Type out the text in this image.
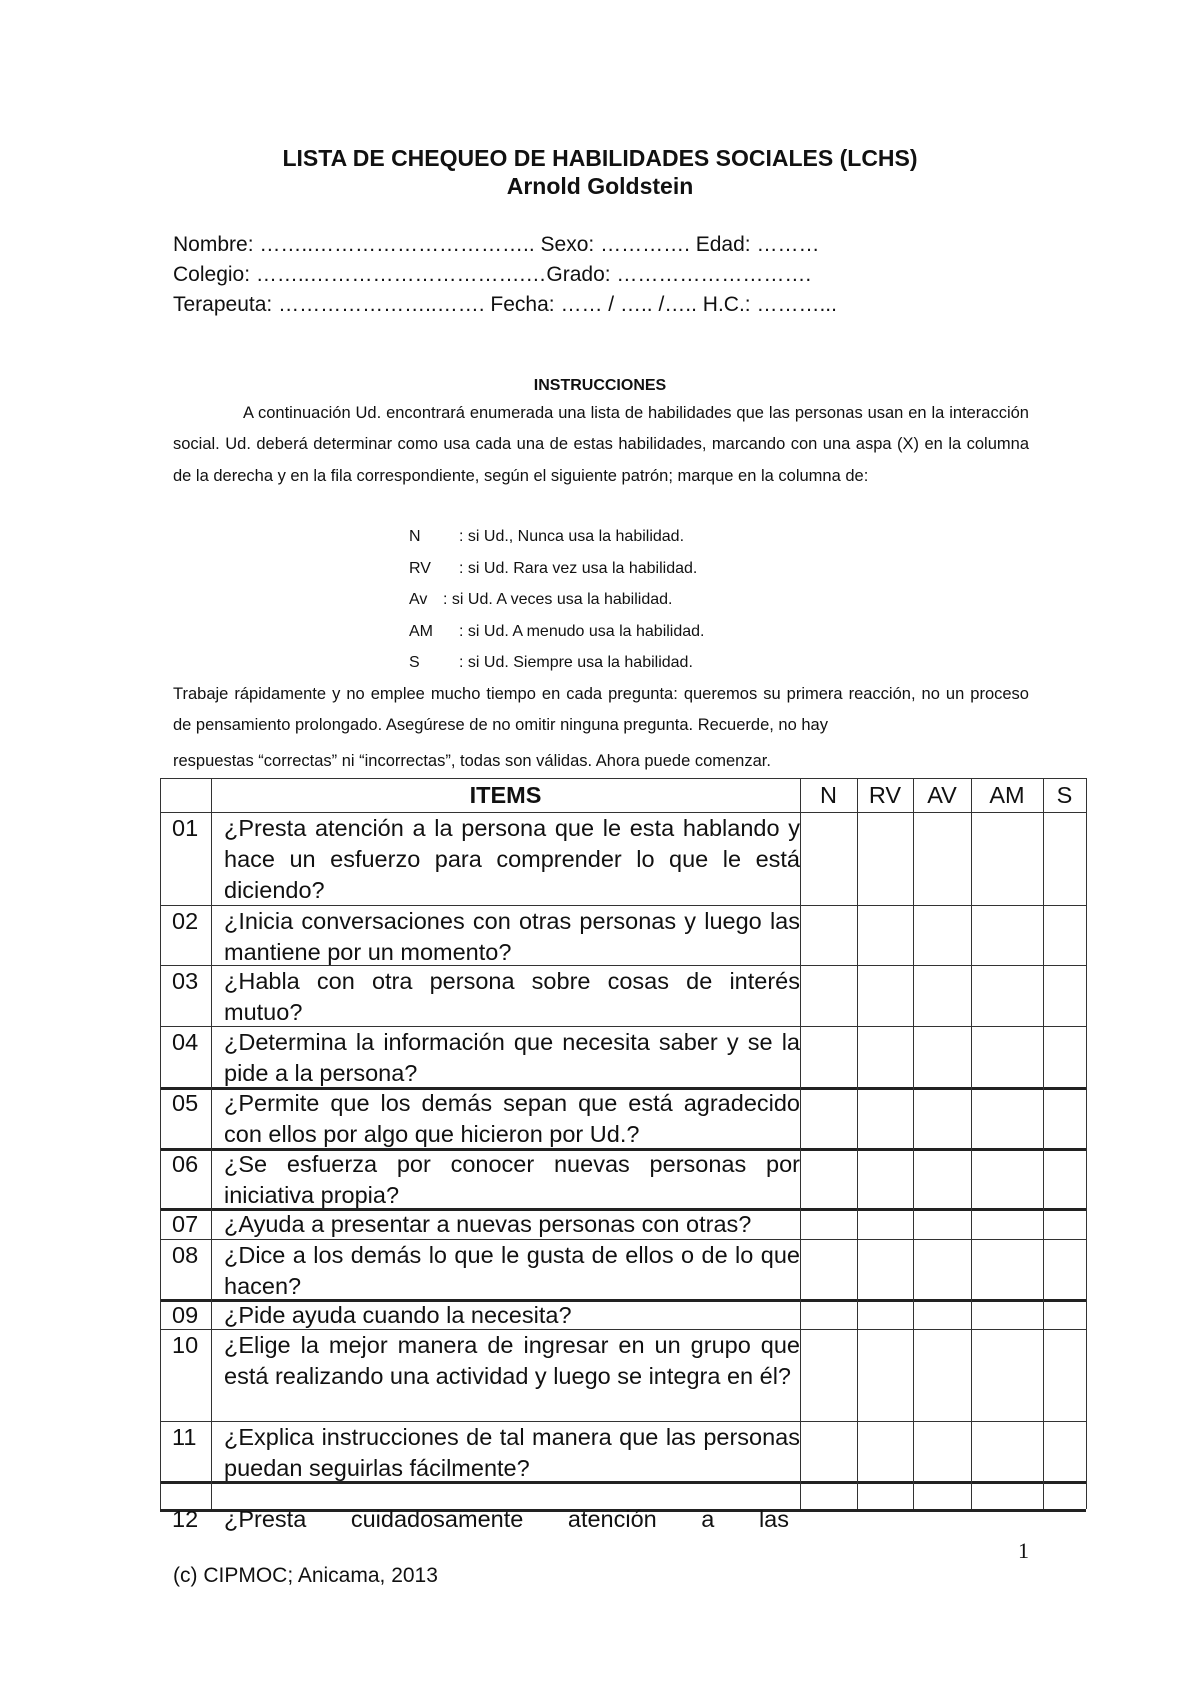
LISTA DE CHEQUEO DE HABILIDADES SOCIALES (LCHS)
Arnold Goldstein
Nombre: ……..………………………….. Sexo: …………. Edad: ………
Colegio: ……..………………………….…Grado: ……………………….
Terapeuta: …………………..……. Fecha: …… / ….. /….. H.C.: ………...
INSTRUCCIONES
A continuación Ud. encontrará enumerada una lista de habilidades que las personas usan en la interacción social. Ud. deberá determinar como usa cada una de estas habilidades, marcando con una aspa (X) en la columna de la derecha y en la fila correspondiente, según el siguiente patrón; marque en la columna de:
N : si Ud., Nunca usa la habilidad.
RV : si Ud. Rara vez usa la habilidad.
Av : si Ud. A veces usa la habilidad.
AM : si Ud. A menudo usa la habilidad.
S : si Ud. Siempre usa la habilidad.
Trabaje rápidamente y no emplee mucho tiempo en cada pregunta: queremos su primera reacción, no un proceso de pensamiento prolongado. Asegúrese de no omitir ninguna pregunta. Recuerde, no hay
respuestas “correctas” ni “incorrectas”, todas son válidas. Ahora puede comenzar.
ITEMS	N	RV	AV	AM	S
01	¿Presta atención a la persona que le esta hablando y hace un esfuerzo para comprender lo que le está diciendo?
02	¿Inicia conversaciones con otras personas y luego las mantiene por un momento?
03	¿Habla con otra persona sobre cosas de interés mutuo?
04	¿Determina la información que necesita saber y se la pide a la persona?
05	¿Permite que los demás sepan que está agradecido con ellos por algo que hicieron por Ud.?
06	¿Se esfuerza por conocer nuevas personas por iniciativa propia?
07	¿Ayuda a presentar a nuevas personas con otras?
08	¿Dice a los demás lo que le gusta de ellos o de lo que hacen?
09	¿Pide ayuda cuando la necesita?
10	¿Elige la mejor manera de ingresar en un grupo que está realizando una actividad y luego se integra en él?
11	¿Explica instrucciones de tal manera que las personas puedan seguirlas fácilmente?
12 ¿Presta cuidadosamente atención a las
1
(c) CIPMOC; Anicama, 2013
